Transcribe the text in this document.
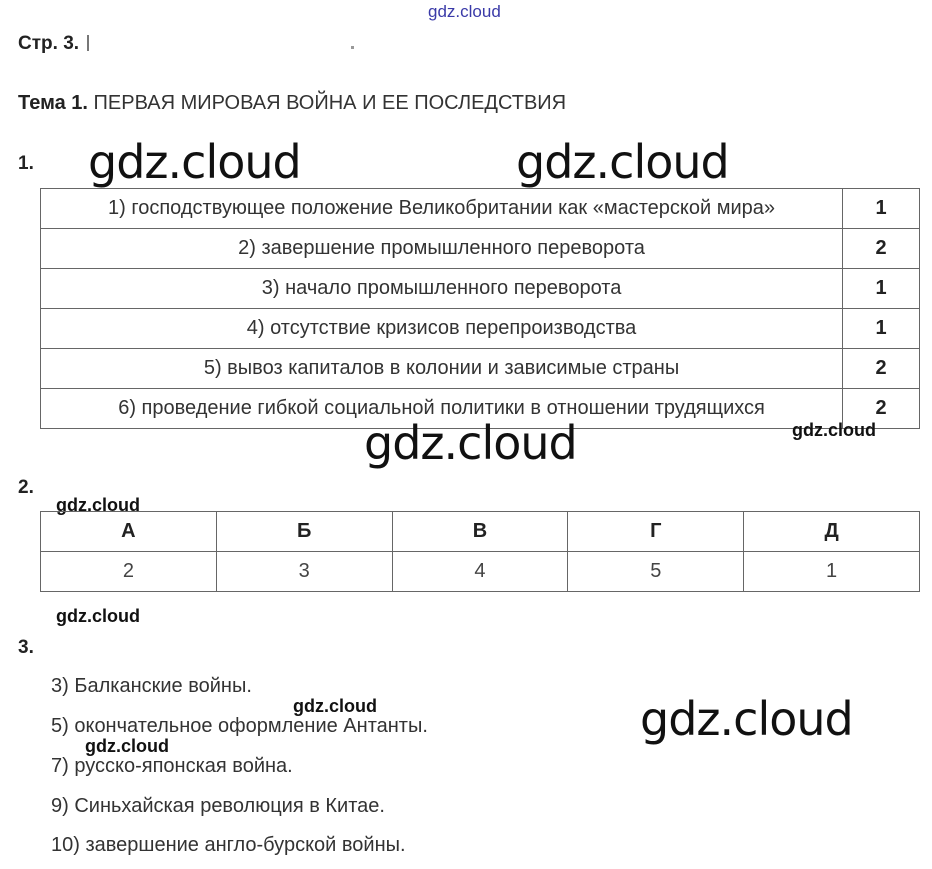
gdz.cloud
Стр. 3.
Тема 1. ПЕРВАЯ МИРОВАЯ ВОЙНА И ЕЕ ПОСЛЕДСТВИЯ
1. gdz.cloud	gdz.cloud
1) господствующее положение Великобритании как «мастерской мира»	1
2) завершение промышленного переворота	2
3) начало промышленного переворота	1
4) отсутствие кризисов перепроизводства	1
5) вывоз капиталов в колонии и зависимые страны	2
6) проведение гибкой социальной политики в отношении трудящихся	2
gdz.cloud	gdz.cloud
2.
gdz.cloud
А	Б	В	Г	Д
2	3	4	5	1
gdz.cloud
3.
3) Балканские войны.
5) окончательное оформление Антанты.
7) русско-японская война.
9) Синьхайская революция в Китае.
10) завершение англо-бурской войны.
gdz.cloud
gdz.cloud	gdz.cloud
